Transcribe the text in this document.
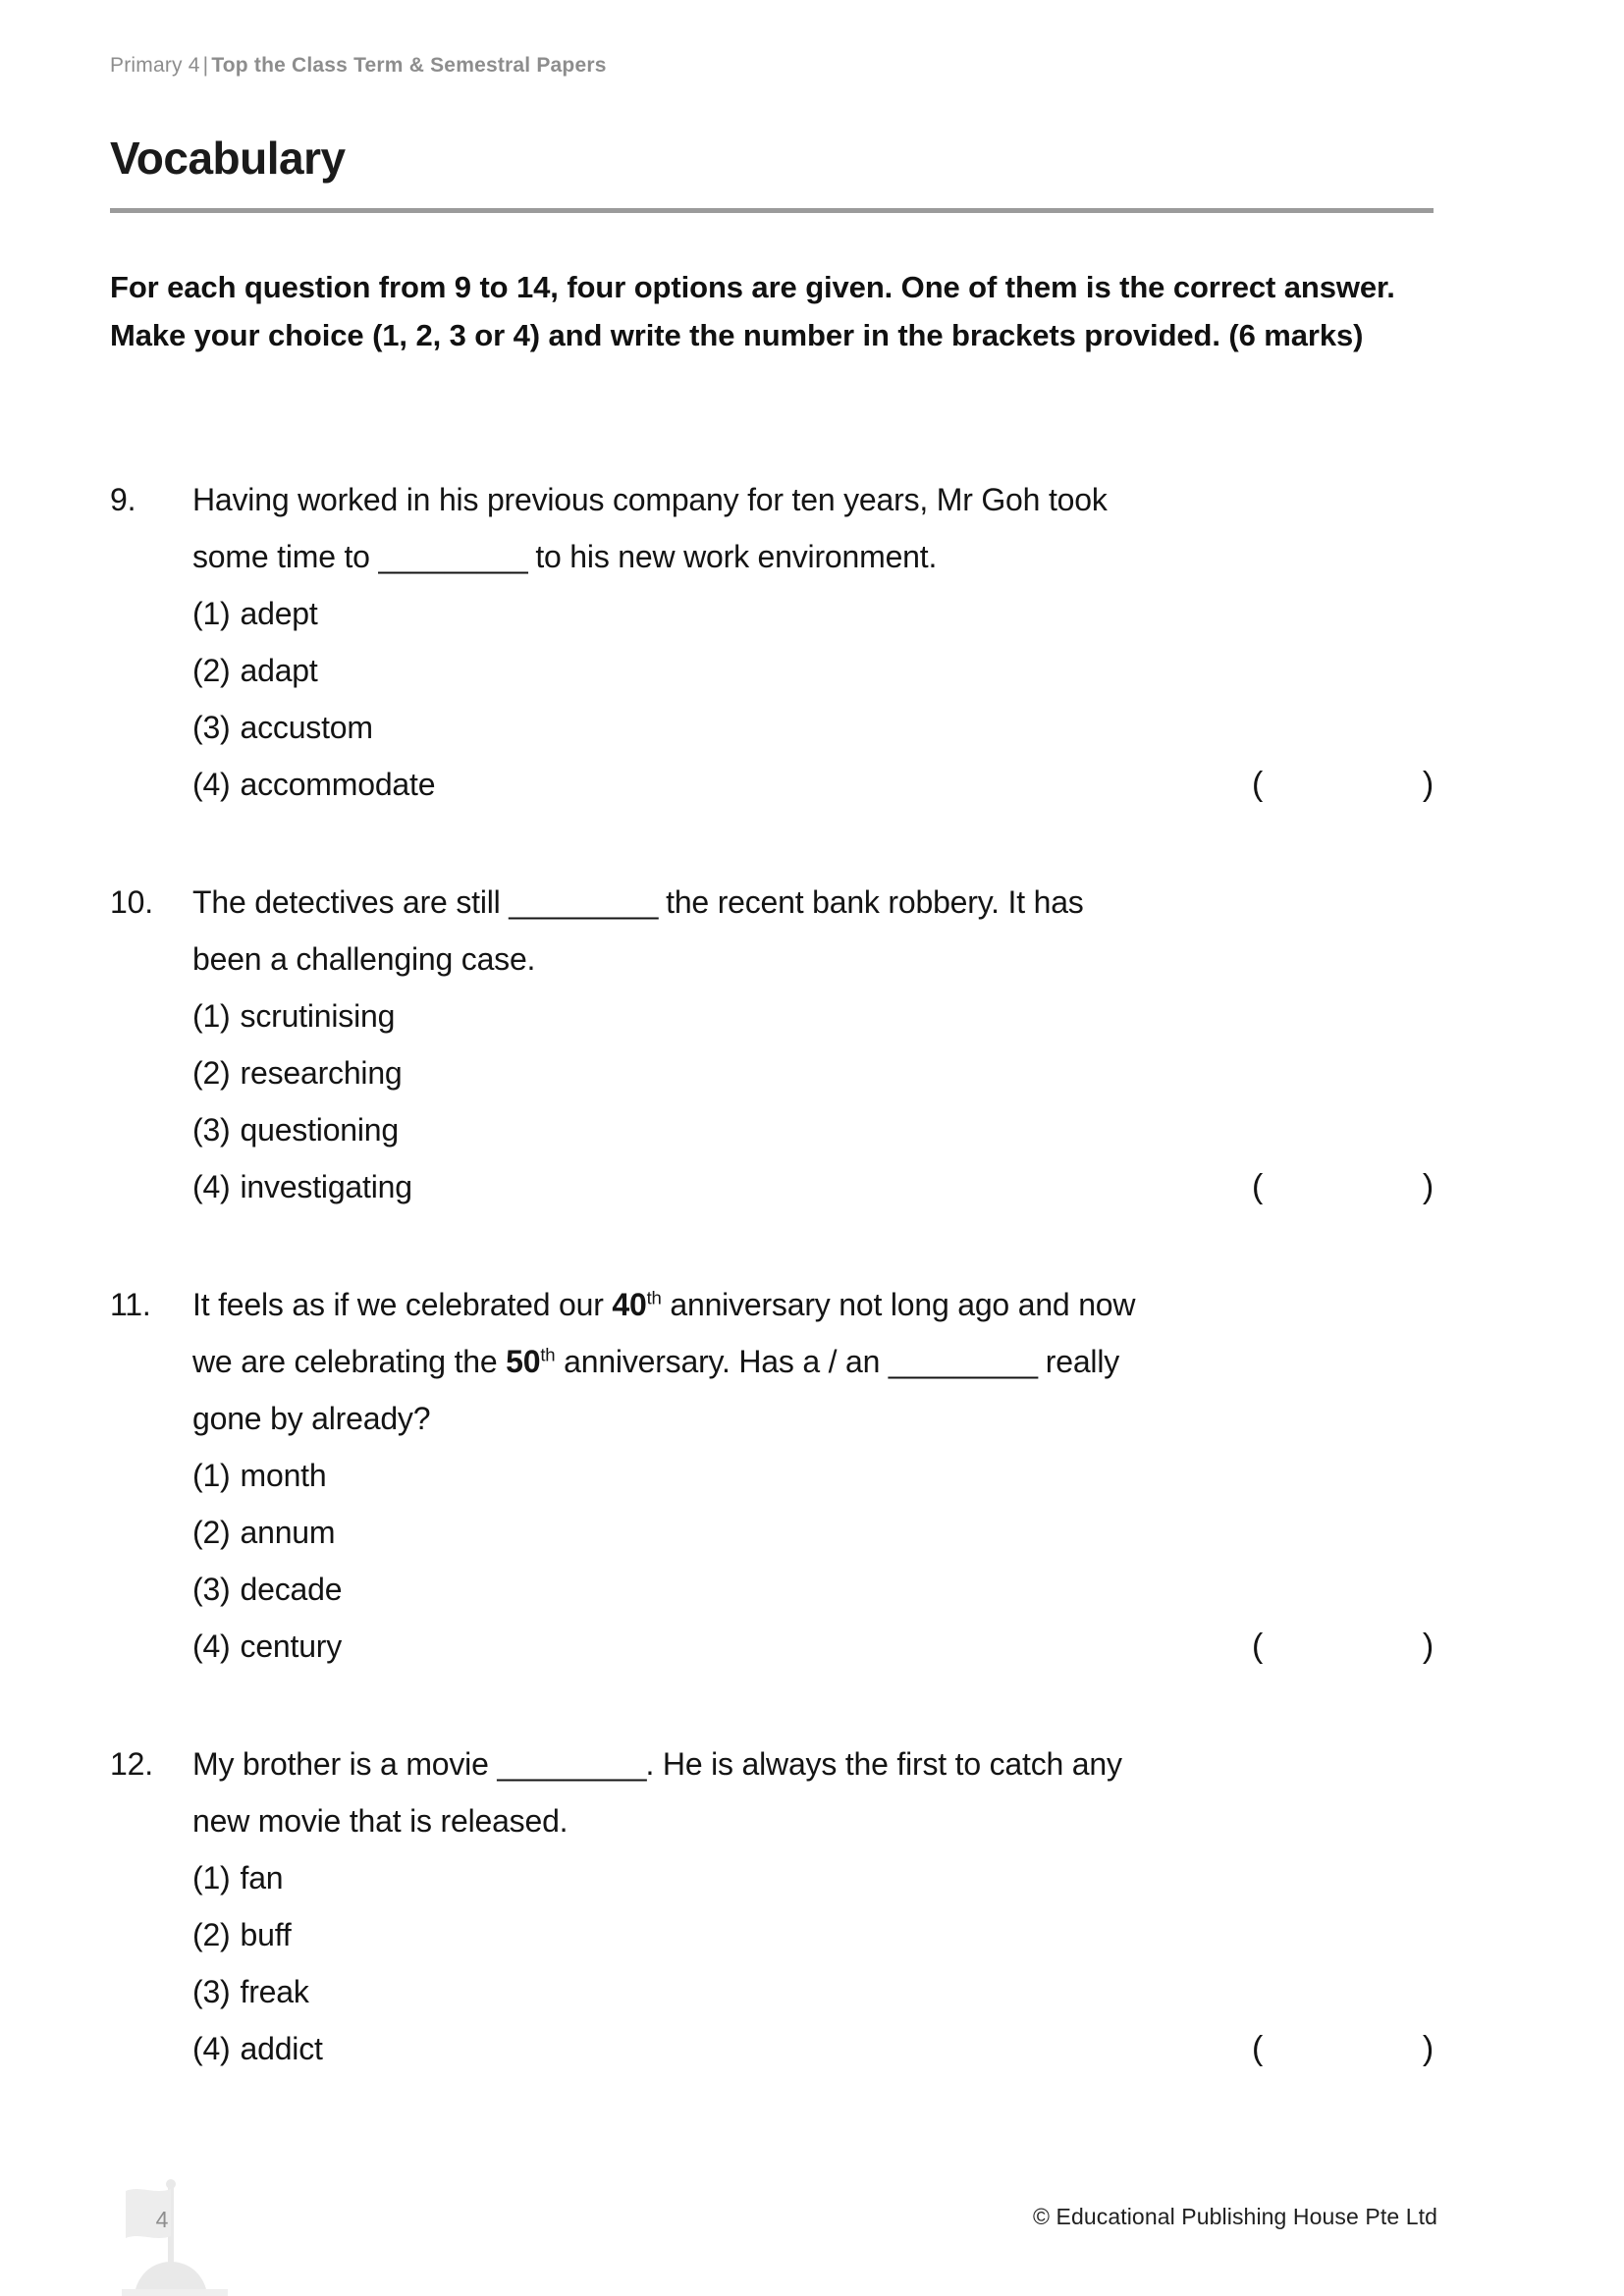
Primary 4 | Top the Class Term & Semestral Papers
Vocabulary
For each question from 9 to 14, four options are given. One of them is the correct answer. Make your choice (1, 2, 3 or 4) and write the number in the brackets provided. (6 marks)
9.	Having worked in his previous company for ten years, Mr Goh took
some time to _________ to his new work environment.
(1) adept
(2) adapt
(3) accustom
(4) accommodate	(	)
10.	The detectives are still _________ the recent bank robbery. It has
been a challenging case.
(1) scrutinising
(2) researching
(3) questioning
(4) investigating	(	)
11.	It feels as if we celebrated our 40th anniversary not long ago and now
we are celebrating the 50th anniversary. Has a / an _________ really
gone by already?
(1) month
(2) annum
(3) decade
(4) century	(	)
12.	My brother is a movie _________. He is always the first to catch any
new movie that is released.
(1) fan
(2) buff
(3) freak
(4) addict	(	)
4	© Educational Publishing House Pte Ltd
